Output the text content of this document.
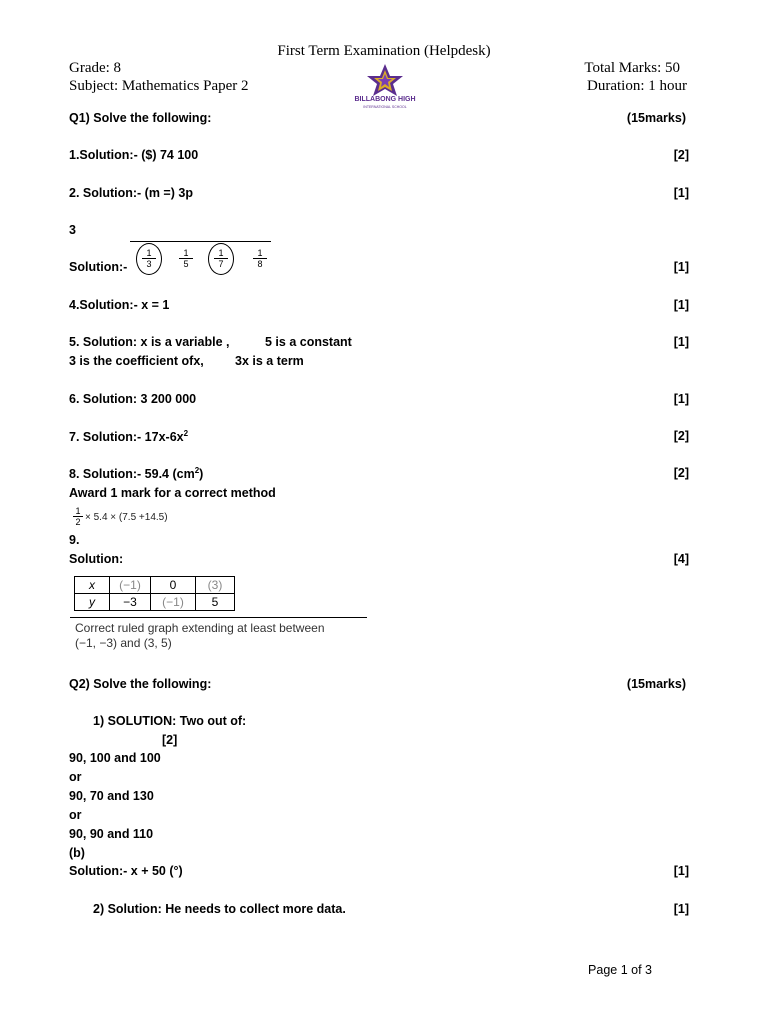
First Term Examination (Helpdesk)
Grade: 8
Subject: Mathematics Paper 2
Total Marks: 50
Duration: 1 hour
BILLABONG HIGH
INTERNATIONAL SCHOOL
Q1) Solve the following:	(15marks)
1.Solution:- ($) 74 100	[2]
2. Solution:- (m =) 3p	[1]
3
$\frac{1}{3}$	$\frac{1}{5} \frac{1}{7}$	$\frac{1}{8}$
Solution:-	[1]
4.Solution:- x = 1	[1]
5. Solution: x is a variable ,	5 is a constant	[1]
3 is the coefficient ofx, 3x is a term
6. Solution: 3 200 000	[1]
7. Solution:- $17x-6x^2$	[2]
8. Solution:- 59.4 $(cm^2)$	[2]
Award 1 mark for a correct method
$\frac{1}{2} \times 5.4 \times (7.5 +14.5)$
9.
Solution:	[4]
x	(−1)	0	(3)
y	−3	(−1)	5
Correct ruled graph extending at least between
(−1, −3) and (3, 5)
Q2) Solve the following:	(15marks)
1) SOLUTION: Two out of:
[2]
90, 100 and 100
or
90, 70 and 130
or
90, 90 and 110
(b)
Solution:- x + 50 (°)	[1]
2) Solution: He needs to collect more data.	[1]
Page 1 of 3
